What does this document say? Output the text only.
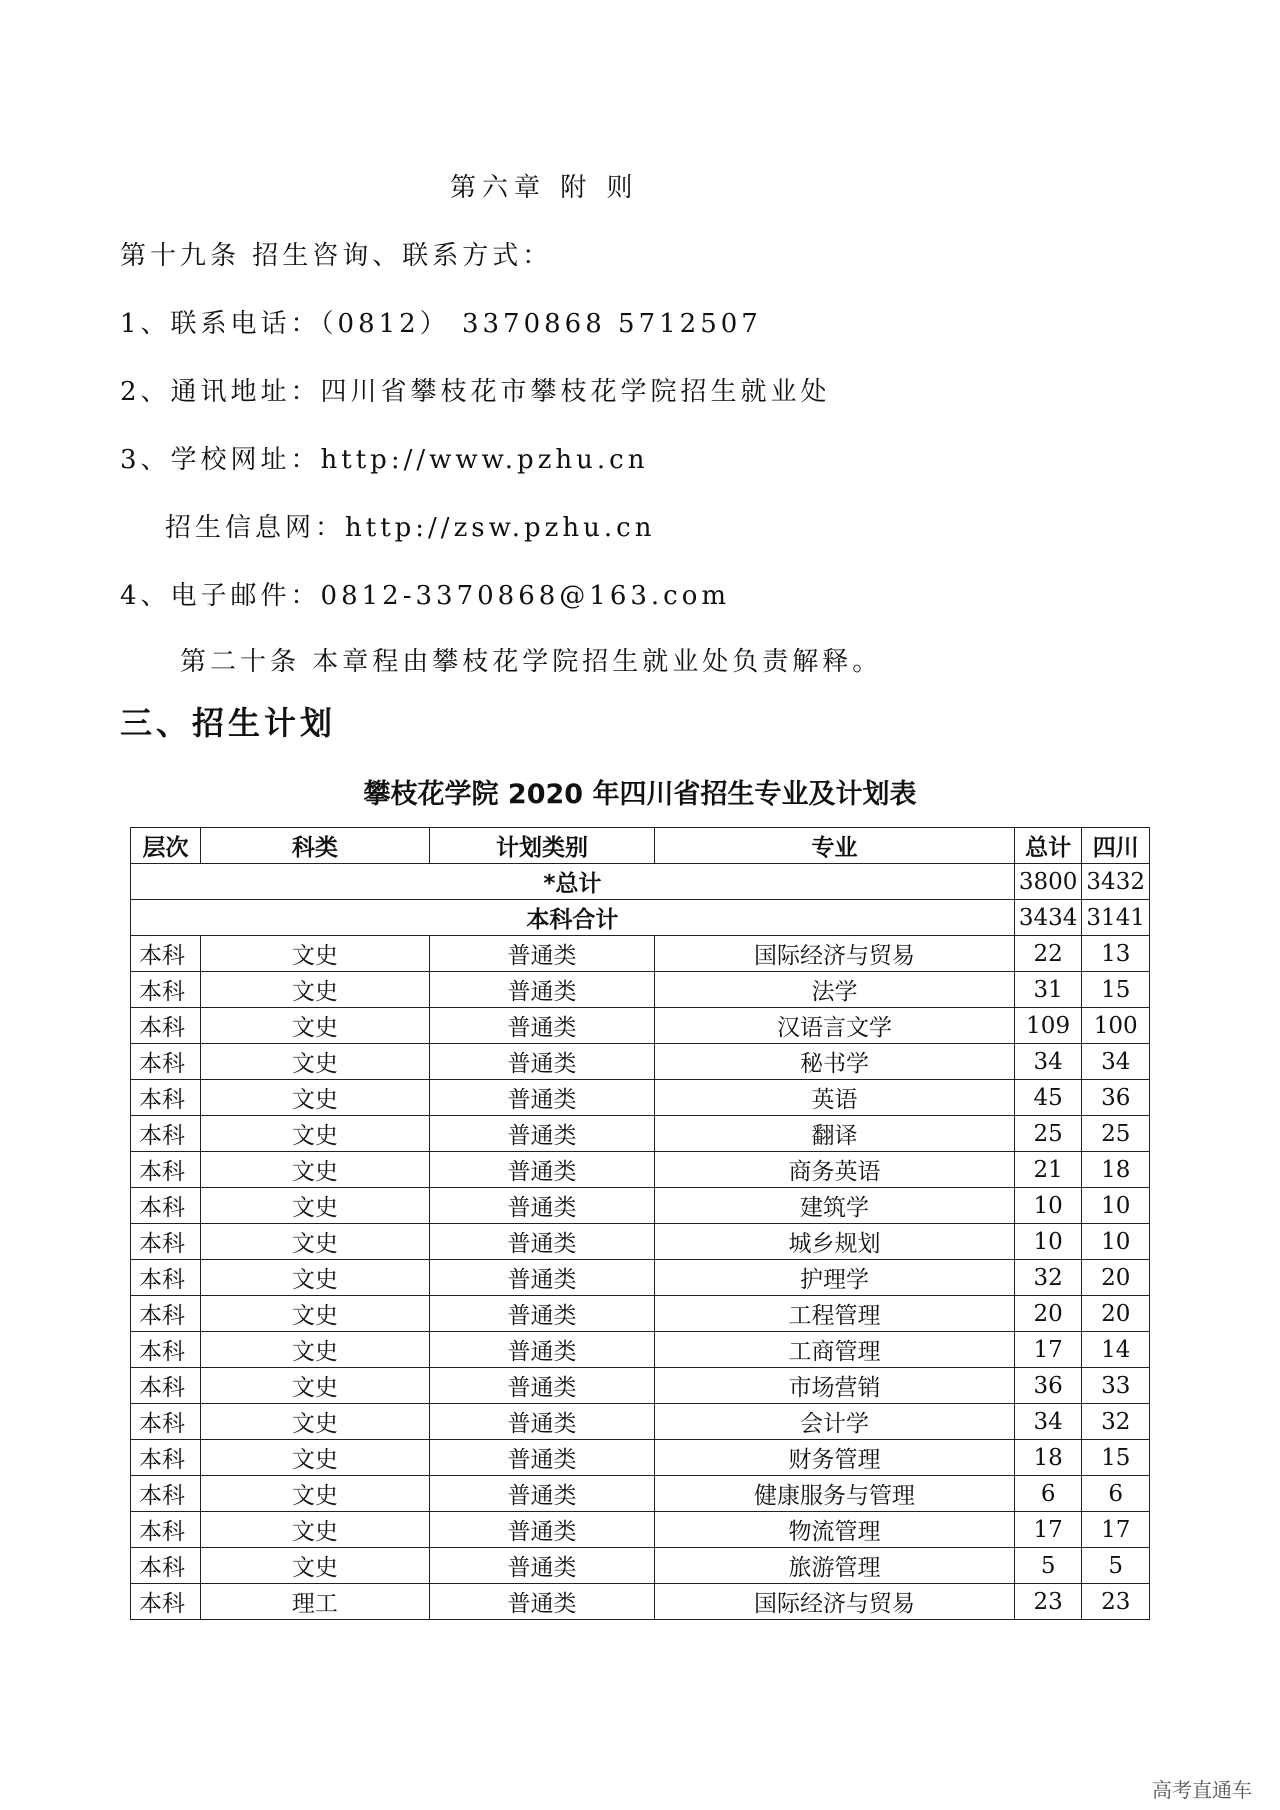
第六章 附 则
第十九条 招生咨询、联系方式：
1、联系电话：（0812） 3370868 5712507
2、通讯地址：四川省攀枝花市攀枝花学院招生就业处
3、学校网址：http://www.pzhu.cn
招生信息网：http://zsw.pzhu.cn
4、电子邮件：0812-3370868@163.com
第二十条 本章程由攀枝花学院招生就业处负责解释。
三、招生计划
攀枝花学院 2020 年四川省招生专业及计划表
层次	科类	计划类别	专业	总计	四川
*总计				3800	3432
本科合计				3434	3141
本科	文史	普通类	国际经济与贸易	22	13
本科	文史	普通类	法学	31	15
本科	文史	普通类	汉语言文学	109	100
本科	文史	普通类	秘书学	34	34
本科	文史	普通类	英语	45	36
本科	文史	普通类	翻译	25	25
本科	文史	普通类	商务英语	21	18
本科	文史	普通类	建筑学	10	10
本科	文史	普通类	城乡规划	10	10
本科	文史	普通类	护理学	32	20
本科	文史	普通类	工程管理	20	20
本科	文史	普通类	工商管理	17	14
本科	文史	普通类	市场营销	36	33
本科	文史	普通类	会计学	34	32
本科	文史	普通类	财务管理	18	15
本科	文史	普通类	健康服务与管理	6	6
本科	文史	普通类	物流管理	17	17
本科	文史	普通类	旅游管理	5	5
本科	理工	普通类	国际经济与贸易	23	23
高考直通车
